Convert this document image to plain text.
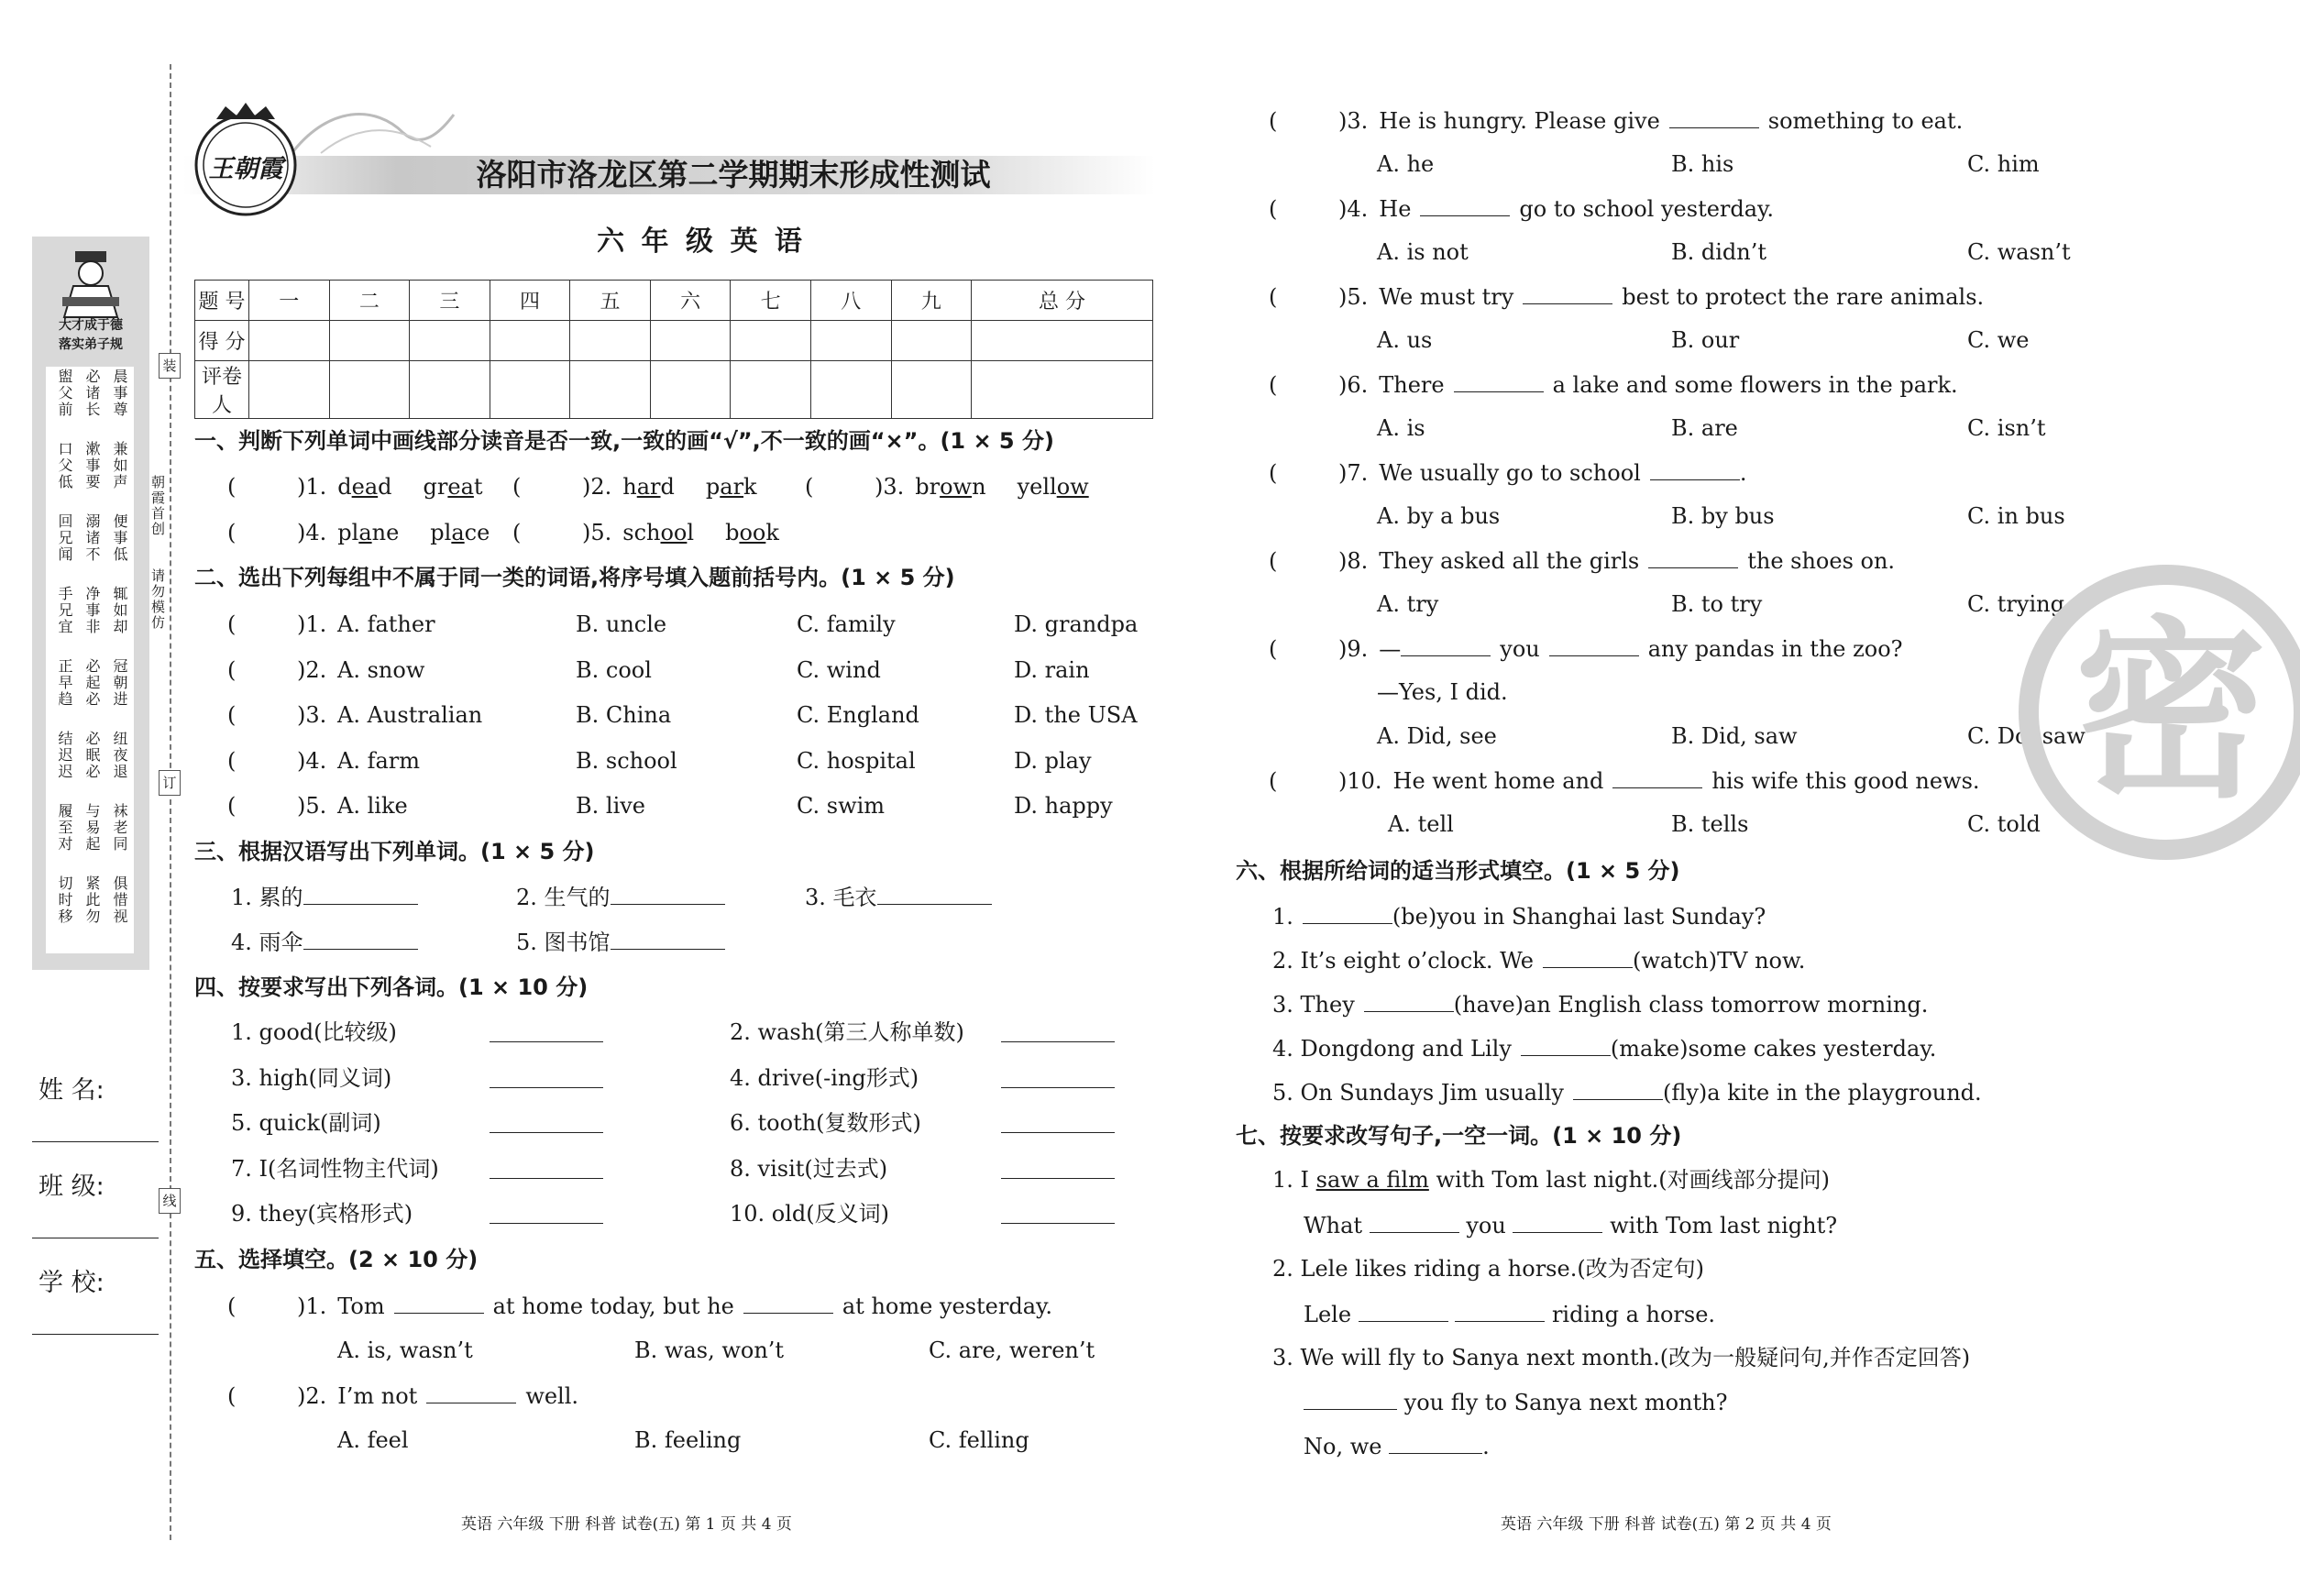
大才成于德
落实弟子规
晨事尊
必诸长
盥父前
兼如声
漱事要
口父低
便事低
溺诸不
回兄闻
辄如却
净事非
手兄宜
冠朝进
必起必
正早趋
纽夜退
必眠必
结迟迟
袜老同
与易起
履至对
俱惜视
紧此勿
切时移
姓 名:
班 级:
学 校:
装
订
线
朝霞首创
请勿模仿
王朝霞	洛阳市洛龙区第二学期期末形成性测试
六 年 级 英 语
题 号	一	二	三	四	五	六	七	八	九	总 分
得 分										
评卷人										
一、判断下列单词中画线部分读音是否一致,一致的画“√”,不一致的画“×”。(1 × 5 分)
(	)1. dead great (	)2. hard park (	)3. brown yellow
(	)4. plane place (	)5. school book
二、选出下列每组中不属于同一类的词语,将序号填入题前括号内。(1 × 5 分)
(	)1. A. father	B. uncle	C. family	D. grandpa
(	)2. A. snow	B. cool	C. wind	D. rain
(	)3. A. Australian	B. China	C. England	D. the USA
(	)4. A. farm	B. school	C. hospital	D. play
(	)5. A. like	B. live	C. swim	D. happy
三、根据汉语写出下列单词。(1 × 5 分)
1. 累的	2. 生气的	3. 毛衣
4. 雨伞	5. 图书馆
四、按要求写出下列各词。(1 × 10 分)
1. good(比较级)	2. wash(第三人称单数)
3. high(同义词)	4. drive(-ing形式)
5. quick(副词)	6. tooth(复数形式)
7. I(名词性物主代词)	8. visit(过去式)
9. they(宾格形式)	10. old(反义词)
五、选择填空。(2 × 10 分)
(	)1. Tom	at home today, but he	at home yesterday.
A. is, wasn’t	B. was, won’t	C. are, weren’t
(	)2. I’m not	well.
A. feel	B. feeling	C. felling
(	)3. He is hungry. Please give	something to eat.
A. he	B. his	C. him
(	)4. He	go to school yesterday.
A. is not	B. didn’t	C. wasn’t
(	)5. We must try	best to protect the rare animals.
A. us	B. our	C. we
(	)6. There	a lake and some flowers in the park.
A. is	B. are	C. isn’t
(	)7. We usually go to school	.
A. by a bus	B. by bus	C. in bus
(	)8. They asked all the girls	the shoes on.
A. try	B. to try	C. trying
(	)9. —	you	any pandas in the zoo?
—Yes, I did.
A. Did, see	B. Did, saw	C. Do, saw
(	)10. He went home and	his wife this good news.
A. tell	B. tells	C. told
六、根据所给词的适当形式填空。(1 × 5 分)
1.	(be)you in Shanghai last Sunday?
2. It’s eight o’clock. We	(watch)TV now.
3. They	(have)an English class tomorrow morning.
4. Dongdong and Lily	(make)some cakes yesterday.
5. On Sundays Jim usually	(fly)a kite in the playground.
七、按要求改写句子,一空一词。(1 × 10 分)
1. I saw a film with Tom last night.(对画线部分提问)
What	you	with Tom last night?
2. Lele likes riding a horse.(改为否定句)
Lele	riding a horse.
3. We will fly to Sanya next month.(改为一般疑问句,并作否定回答)
you fly to Sanya next month?
No, we	.
密
英语 六年级 下册 科普 试卷(五) 第 1 页 共 4 页	英语 六年级 下册 科普 试卷(五) 第 2 页 共 4 页
